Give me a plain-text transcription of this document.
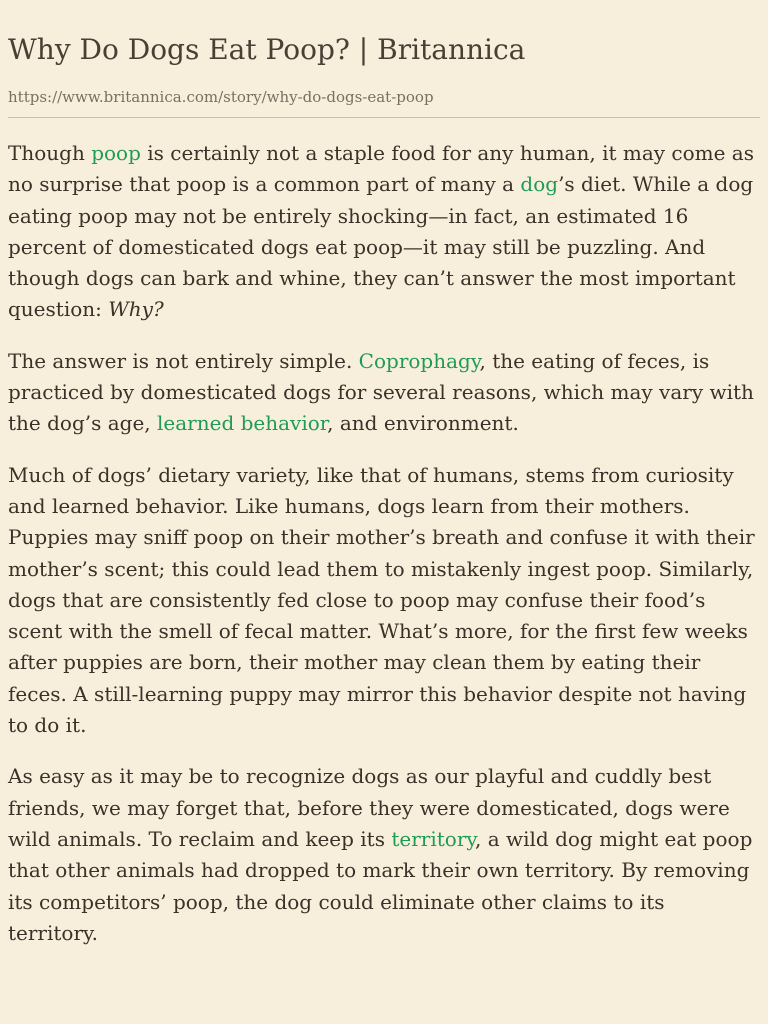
Why Do Dogs Eat Poop? | Britannica
https://www.britannica.com/story/why-do-dogs-eat-poop

Though poop is certainly not a staple food for any human, it may come as no surprise that poop is a common part of many a dog’s diet. While a dog eating poop may not be entirely shocking—in fact, an estimated 16 percent of domesticated dogs eat poop—it may still be puzzling. And though dogs can bark and whine, they can’t answer the most important question: Why?

The answer is not entirely simple. Coprophagy, the eating of feces, is practiced by domesticated dogs for several reasons, which may vary with the dog’s age, learned behavior, and environment.

Much of dogs’ dietary variety, like that of humans, stems from curiosity and learned behavior. Like humans, dogs learn from their mothers. Puppies may sniff poop on their mother’s breath and confuse it with their mother’s scent; this could lead them to mistakenly ingest poop. Similarly, dogs that are consistently fed close to poop may confuse their food’s scent with the smell of fecal matter. What’s more, for the first few weeks after puppies are born, their mother may clean them by eating their feces. A still-learning puppy may mirror this behavior despite not having to do it.

As easy as it may be to recognize dogs as our playful and cuddly best friends, we may forget that, before they were domesticated, dogs were wild animals. To reclaim and keep its territory, a wild dog might eat poop that other animals had dropped to mark their own territory. By removing its competitors’ poop, the dog could eliminate other claims to its territory.
